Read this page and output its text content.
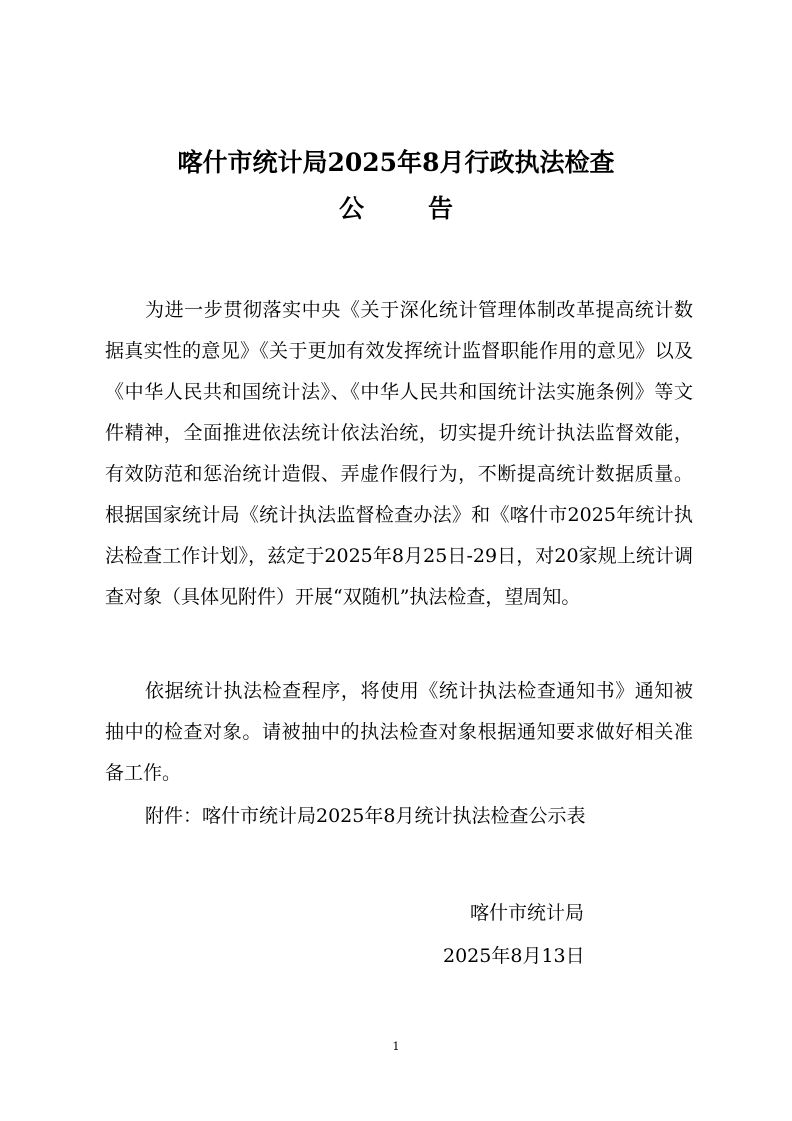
喀什市统计局2025年8月行政执法检查
公	告

为进一步贯彻落实中央《关于深化统计管理体制改革提高统计数据真实性的意见》《关于更加有效发挥统计监督职能作用的意见》以及《中华人民共和国统计法》、《中华人民共和国统计法实施条例》等文件精神，全面推进依法统计依法治统，切实提升统计执法监督效能，有效防范和惩治统计造假、弄虚作假行为，不断提高统计数据质量。根据国家统计局《统计执法监督检查办法》和《喀什市2025年统计执法检查工作计划》，兹定于2025年8月25日-29日，对20家规上统计调查对象（具体见附件）开展“双随机”执法检查，望周知。

依据统计执法检查程序，将使用《统计执法检查通知书》通知被抽中的检查对象。请被抽中的执法检查对象根据通知要求做好相关准备工作。

附件：喀什市统计局2025年8月统计执法检查公示表

喀什市统计局
2025年8月13日
1
